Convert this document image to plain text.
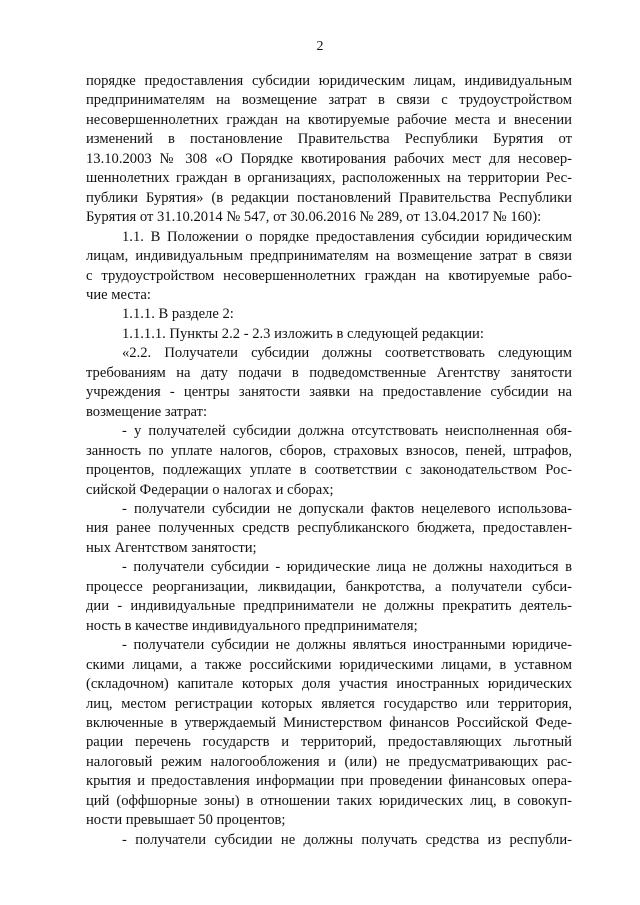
2
порядке предоставления субсидии юридическим лицам, индивидуальным
предпринимателям на возмещение затрат в связи с трудоустройством
несовершеннолетних граждан на квотируемые рабочие места и внесении
изменений в постановление Правительства Республики Бурятия от
13.10.2003 № 308 «О Порядке квотирования рабочих мест для несовер-
шеннолетних граждан в организациях, расположенных на территории Рес-
публики Бурятия» (в редакции постановлений Правительства Республики
Бурятия от 31.10.2014 № 547, от 30.06.2016 № 289, от 13.04.2017 № 160):
1.1. В Положении о порядке предоставления субсидии юридическим
лицам, индивидуальным предпринимателям на возмещение затрат в связи
с трудоустройством несовершеннолетних граждан на квотируемые рабо-
чие места:
1.1.1. В разделе 2:
1.1.1.1. Пункты 2.2 - 2.3 изложить в следующей редакции:
«2.2. Получатели субсидии должны соответствовать следующим
требованиям на дату подачи в подведомственные Агентству занятости
учреждения - центры занятости заявки на предоставление субсидии на
возмещение затрат:
- у получателей субсидии должна отсутствовать неисполненная обя-
занность по уплате налогов, сборов, страховых взносов, пеней, штрафов,
процентов, подлежащих уплате в соответствии с законодательством Рос-
сийской Федерации о налогах и сборах;
- получатели субсидии не допускали фактов нецелевого использова-
ния ранее полученных средств республиканского бюджета, предоставлен-
ных Агентством занятости;
- получатели субсидии - юридические лица не должны находиться в
процессе реорганизации, ликвидации, банкротства, а получатели субси-
дии - индивидуальные предприниматели не должны прекратить деятель-
ность в качестве индивидуального предпринимателя;
- получатели субсидии не должны являться иностранными юридиче-
скими лицами, а также российскими юридическими лицами, в уставном
(складочном) капитале которых доля участия иностранных юридических
лиц, местом регистрации которых является государство или территория,
включенные в утверждаемый Министерством финансов Российской Феде-
рации перечень государств и территорий, предоставляющих льготный
налоговый режим налогообложения и (или) не предусматривающих рас-
крытия и предоставления информации при проведении финансовых опера-
ций (оффшорные зоны) в отношении таких юридических лиц, в совокуп-
ности превышает 50 процентов;
- получатели субсидии не должны получать средства из республи-
